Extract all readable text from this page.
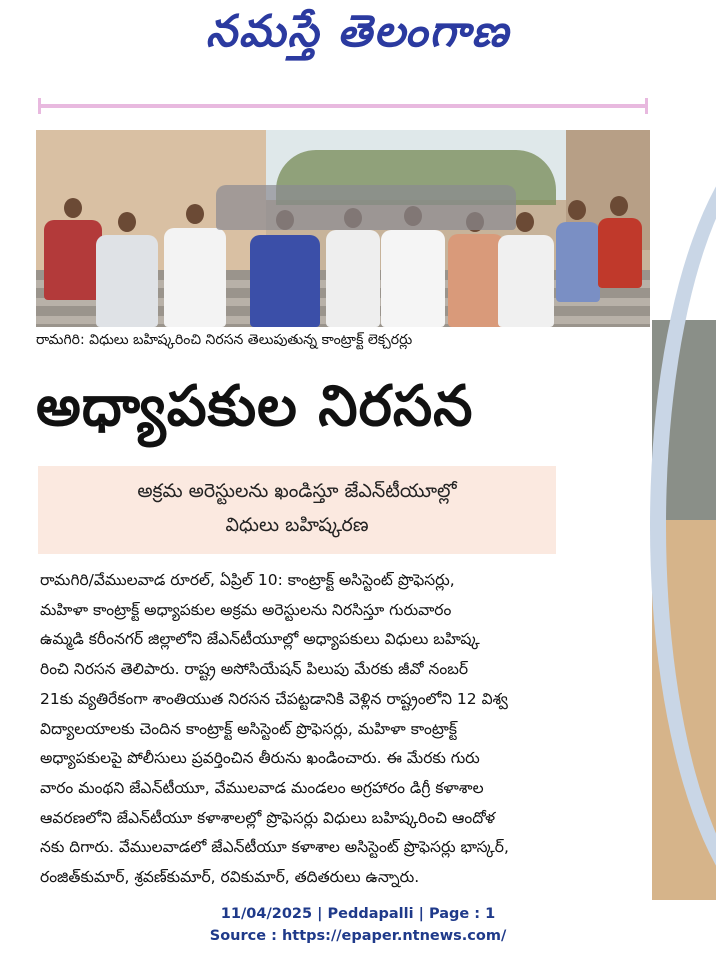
నమస్తే తెలంగాణ
రామగిరి: విధులు బహిష్కరించి నిరసన తెలుపుతున్న కాంట్రాక్ట్ లెక్చరర్లు
అధ్యాపకుల నిరసన
అక్రమ అరెస్టులను ఖండిస్తూ జేఎన్‌టీయూల్లో
విధులు బహిష్కరణ
రామగిరి/వేములవాడ రూరల్, ఏప్రిల్ 10: కాంట్రాక్ట్ అసిస్టెంట్ ప్రొఫెసర్లు,
మహిళా కాంట్రాక్ట్ అధ్యాపకుల అక్రమ అరెస్టులను నిరసిస్తూ గురువారం
ఉమ్మడి కరీంనగర్ జిల్లాలోని జేఎన్‌టీయూల్లో అధ్యాపకులు విధులు బహిష్క
రించి నిరసన తెలిపారు. రాష్ట్ర అసోసియేషన్ పిలుపు మేరకు జీవో నంబర్
21కు వ్యతిరేకంగా శాంతియుత నిరసన చేపట్టడానికి వెళ్లిన రాష్ట్రంలోని 12 విశ్వ
విద్యాలయాలకు చెందిన కాంట్రాక్ట్ అసిస్టెంట్ ప్రొఫెసర్లు, మహిళా కాంట్రాక్ట్
అధ్యాపకులపై పోలీసులు ప్రవర్తించిన తీరును ఖండించారు. ఈ మేరకు గురు
వారం మంథని జేఎన్‌టీయూ, వేములవాడ మండలం అగ్రహారం డిగ్రీ కళాశాల
ఆవరణలోని జేఎన్‌టీయూ కళాశాలల్లో ప్రొఫెసర్లు విధులు బహిష్కరించి ఆందోళ
నకు దిగారు. వేములవాడలో జేఎన్‌టీయూ కళాశాల అసిస్టెంట్ ప్రొఫెసర్లు భాస్కర్,
రంజిత్‌కుమార్, శ్రవణ్‌కుమార్, రవికుమార్, తదితరులు ఉన్నారు.
11/04/2025 | Peddapalli | Page : 1
Source : https://epaper.ntnews.com/
